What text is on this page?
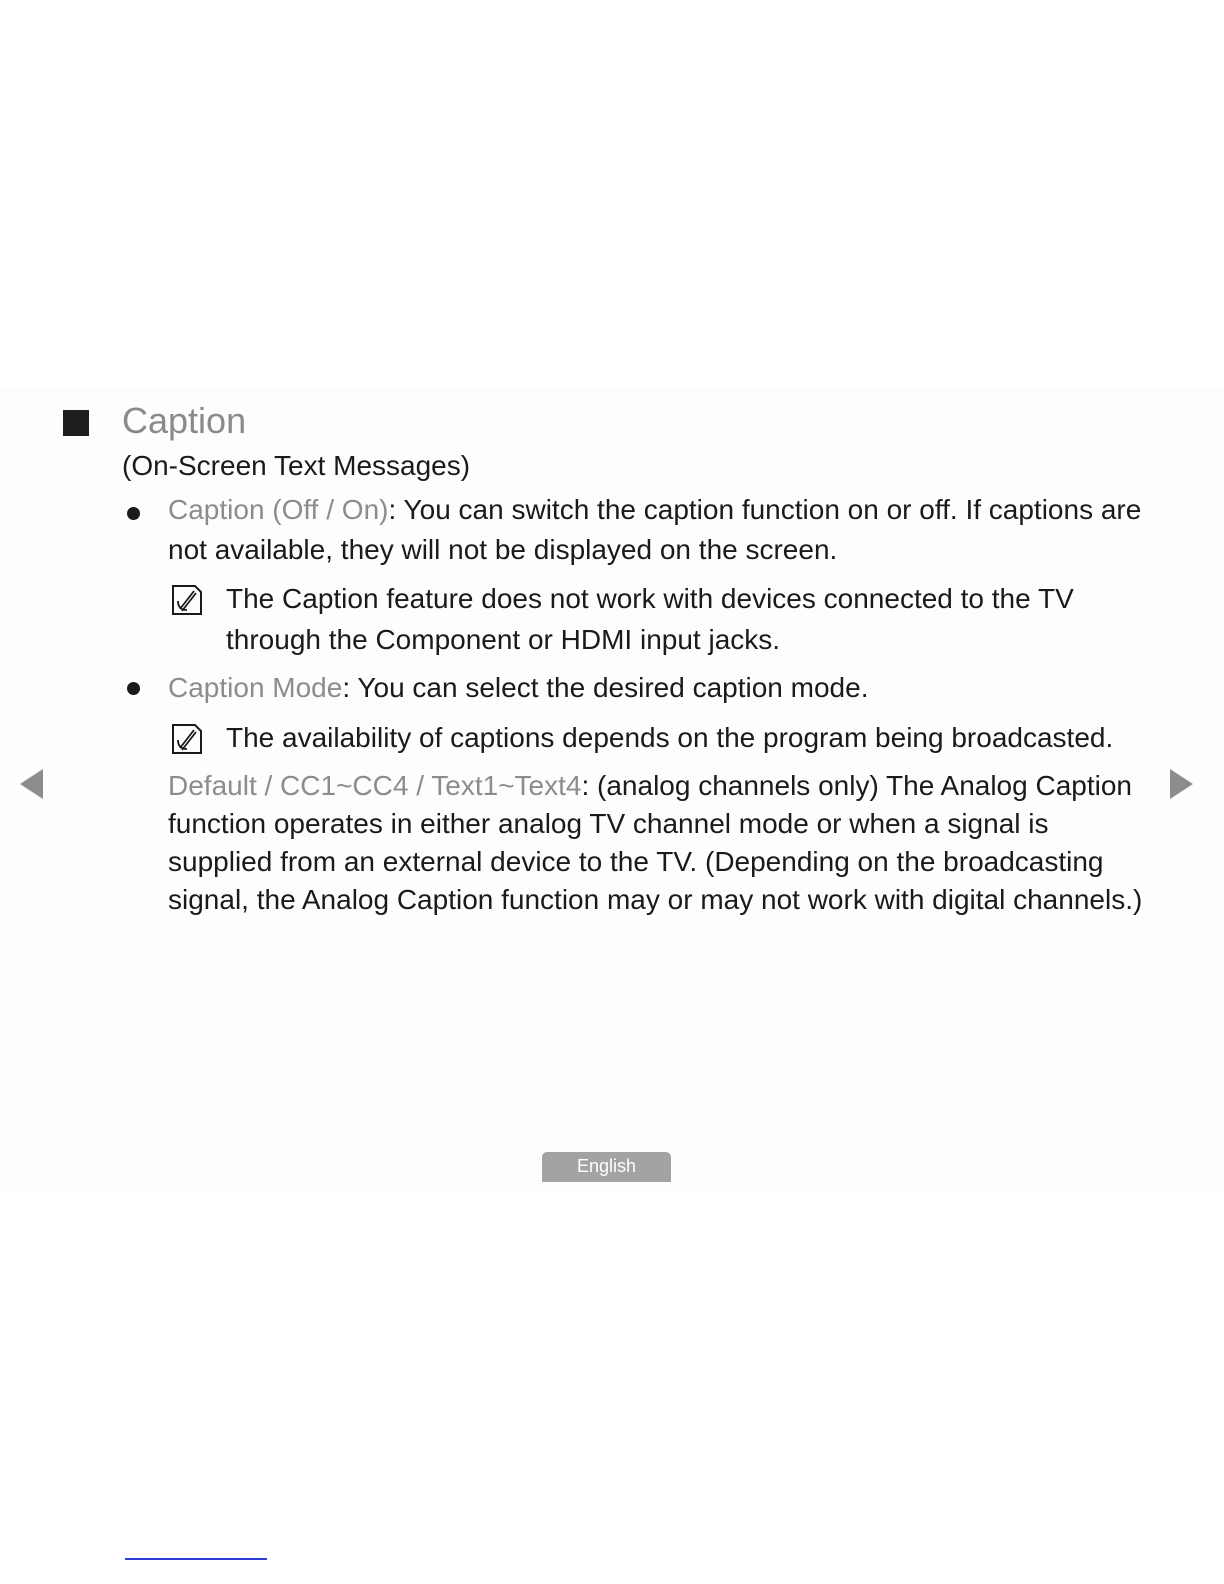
Caption
(On-Screen Text Messages)
Caption (Off / On): You can switch the caption function on or off. If captions are not available, they will not be displayed on the screen.
The Caption feature does not work with devices connected to the TV through the Component or HDMI input jacks.
Caption Mode: You can select the desired caption mode.
The availability of captions depends on the program being broadcasted.
Default / CC1~CC4 / Text1~Text4: (analog channels only) The Analog Caption function operates in either analog TV channel mode or when a signal is supplied from an external device to the TV. (Depending on the broadcasting signal, the Analog Caption function may or may not work with digital channels.)
English
